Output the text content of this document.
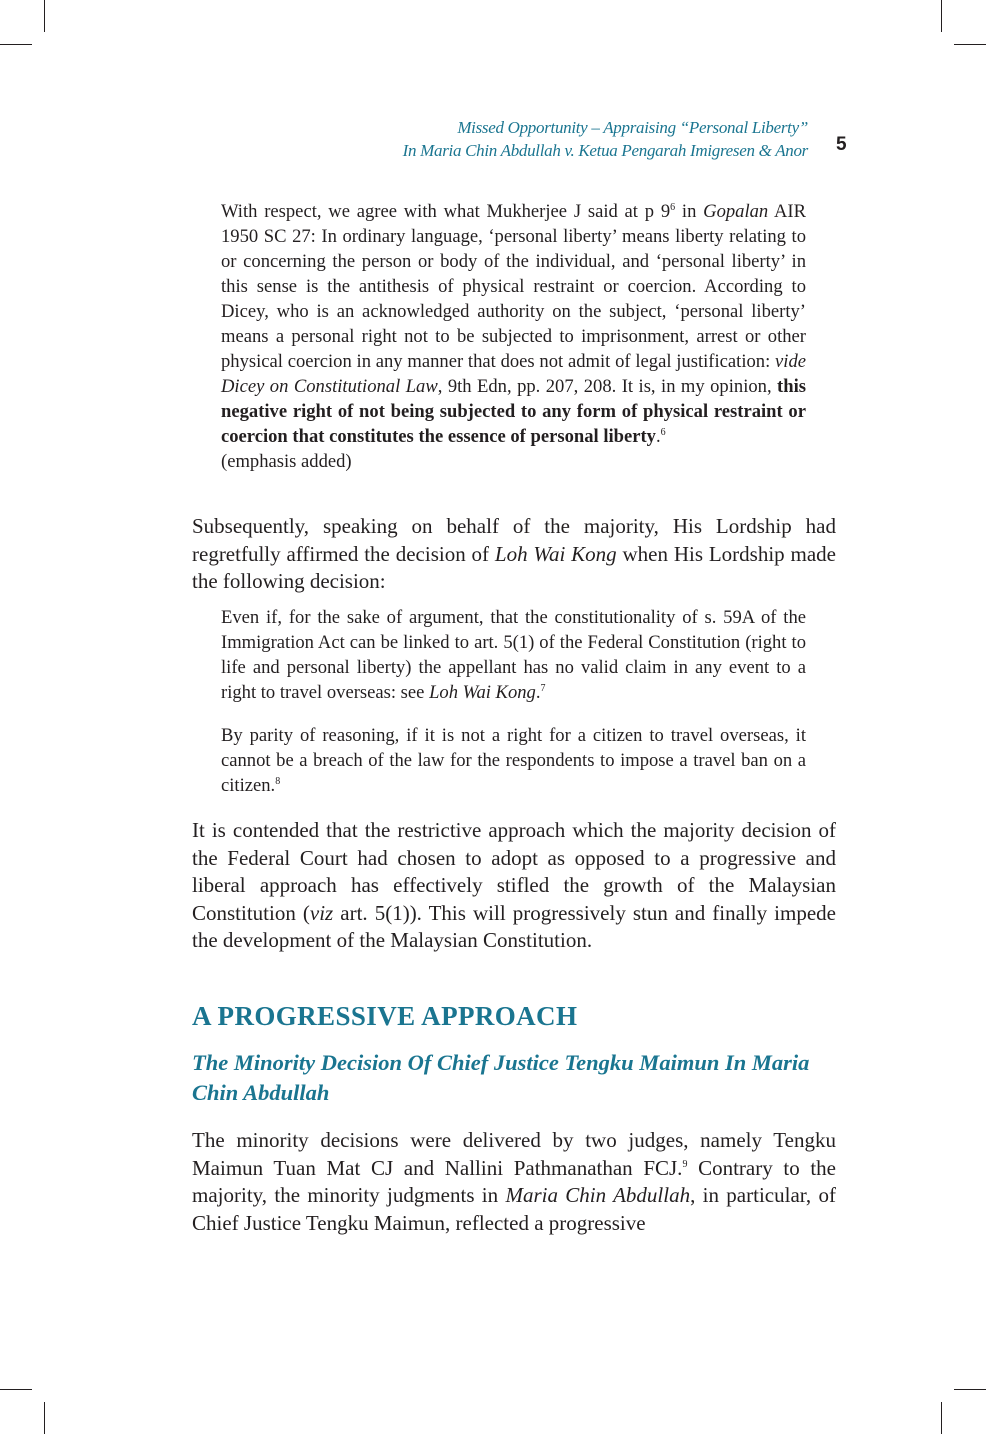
Missed Opportunity – Appraising “Personal Liberty”
In Maria Chin Abdullah v. Ketua Pengarah Imigresen & Anor 5
With respect, we agree with what Mukherjee J said at p $9^6$ in Gopalan AIR 1950 SC 27: In ordinary language, ‘personal liberty’ means liberty relating to or concerning the person or body of the individual, and ‘personal liberty’ in this sense is the antithesis of physical restraint or coercion. According to Dicey, who is an acknowledged authority on the subject, ‘personal liberty’ means a personal right not to be subjected to imprisonment, arrest or other physical coercion in any manner that does not admit of legal justification: vide Dicey on Constitutional Law, 9th Edn, pp. 207, 208. It is, in my opinion, this negative right of not being subjected to any form of physical restraint or coercion that constitutes the essence of personal liberty.$^6$
(emphasis added)
Subsequently, speaking on behalf of the majority, His Lordship had regretfully affirmed the decision of Loh Wai Kong when His Lordship made the following decision:
Even if, for the sake of argument, that the constitutionality of s. 59A of the Immigration Act can be linked to art. 5(1) of the Federal Constitution (right to life and personal liberty) the appellant has no valid claim in any event to a right to travel overseas: see Loh Wai Kong.$^7$
By parity of reasoning, if it is not a right for a citizen to travel overseas, it cannot be a breach of the law for the respondents to impose a travel ban on a citizen.$^8$
It is contended that the restrictive approach which the majority decision of the Federal Court had chosen to adopt as opposed to a progressive and liberal approach has effectively stifled the growth of the Malaysian Constitution (viz art. 5(1)). This will progressively stun and finally impede the development of the Malaysian Constitution.
A PROGRESSIVE APPROACH
The Minority Decision Of Chief Justice Tengku Maimun In Maria Chin Abdullah
The minority decisions were delivered by two judges, namely Tengku Maimun Tuan Mat CJ and Nallini Pathmanathan FCJ.$^9$ Contrary to the majority, the minority judgments in Maria Chin Abdullah, in particular, of Chief Justice Tengku Maimun, reflected a progressive
